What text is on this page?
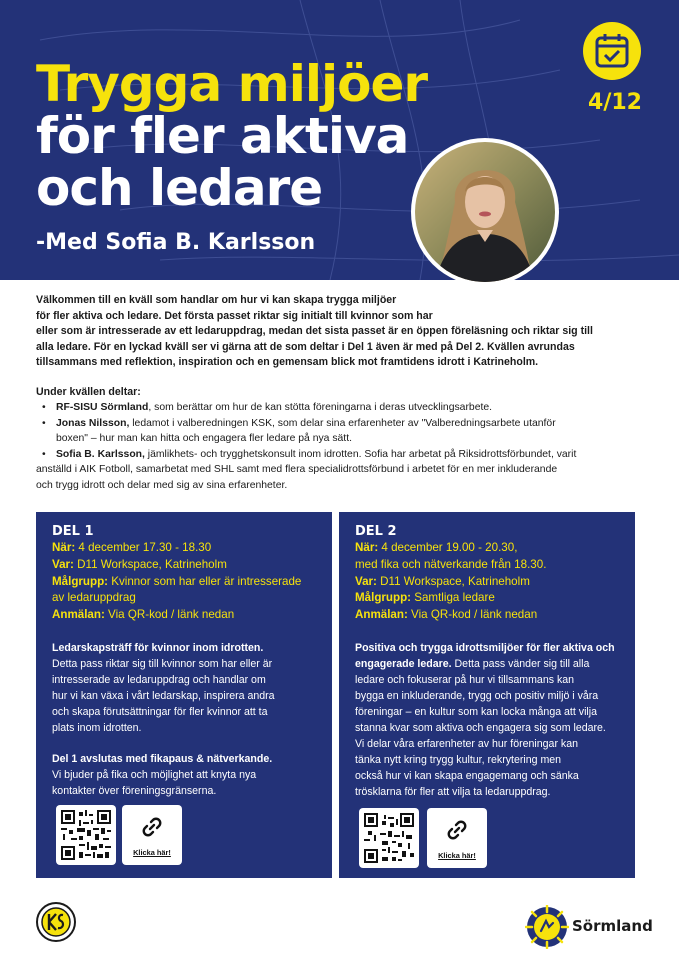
Trygga miljöer
för fler aktiva
och ledare
-Med Sofia B. Karlsson
4/12
Välkommen till en kväll som handlar om hur vi kan skapa trygga miljöer
för fler aktiva och ledare. Det första passet riktar sig initialt till kvinnor som har
eller som är intresserade av ett ledaruppdrag, medan det sista passet är en öppen föreläsning och riktar sig till
alla ledare. För en lyckad kväll ser vi gärna att de som deltar i Del 1 även är med på Del 2. Kvällen avrundas
tillsammans med reflektion, inspiration och en gemensam blick mot framtidens idrott i Katrineholm.
Under kvällen deltar:
• RF-SISU Sörmland, som berättar om hur de kan stötta föreningarna i deras utvecklingsarbete.
• Jonas Nilsson, ledamot i valberedningen KSK, som delar sina erfarenheter av "Valberedningsarbete utanför
boxen" – hur man kan hitta och engagera fler ledare på nya sätt.
• Sofia B. Karlsson, jämlikhets- och trygghetskonsult inom idrotten. Sofia har arbetat på Riksidrottsförbundet, varit
anställd i AIK Fotboll, samarbetat med SHL samt med flera specialidrottsförbund i arbetet för en mer inkluderande
och trygg idrott och delar med sig av sina erfarenheter.
DEL 1
När: 4 december 17.30 - 18.30
Var: D11 Workspace, Katrineholm
Målgrupp: Kvinnor som har eller är intresserade
av ledaruppdrag
Anmälan: Via QR-kod / länk nedan
Ledarskapsträff för kvinnor inom idrotten.
Detta pass riktar sig till kvinnor som har eller är
intresserade av ledaruppdrag och handlar om
hur vi kan växa i vårt ledarskap, inspirera andra
och skapa förutsättningar för fler kvinnor att ta
plats inom idrotten.
Del 1 avslutas med fikapaus & nätverkande.
Vi bjuder på fika och möjlighet att knyta nya
kontakter över föreningsgränserna.
Klicka här!
DEL 2
När: 4 december 19.00 - 20.30,
med fika och nätverkande från 18.30.
Var: D11 Workspace, Katrineholm
Målgrupp: Samtliga ledare
Anmälan: Via QR-kod / länk nedan
Positiva och trygga idrottsmiljöer för fler aktiva och
engagerade ledare. Detta pass vänder sig till alla
ledare och fokuserar på hur vi tillsammans kan
bygga en inkluderande, trygg och positiv miljö i våra
föreningar – en kultur som kan locka många att vilja
stanna kvar som aktiva och engagera sig som ledare.
Vi delar våra erfarenheter av hur föreningar kan
tänka nytt kring trygg kultur, rekrytering men
också hur vi kan skapa engagemang och sänka
trösklarna för fler att vilja ta ledaruppdrag.
Klicka här!
Sörmland
